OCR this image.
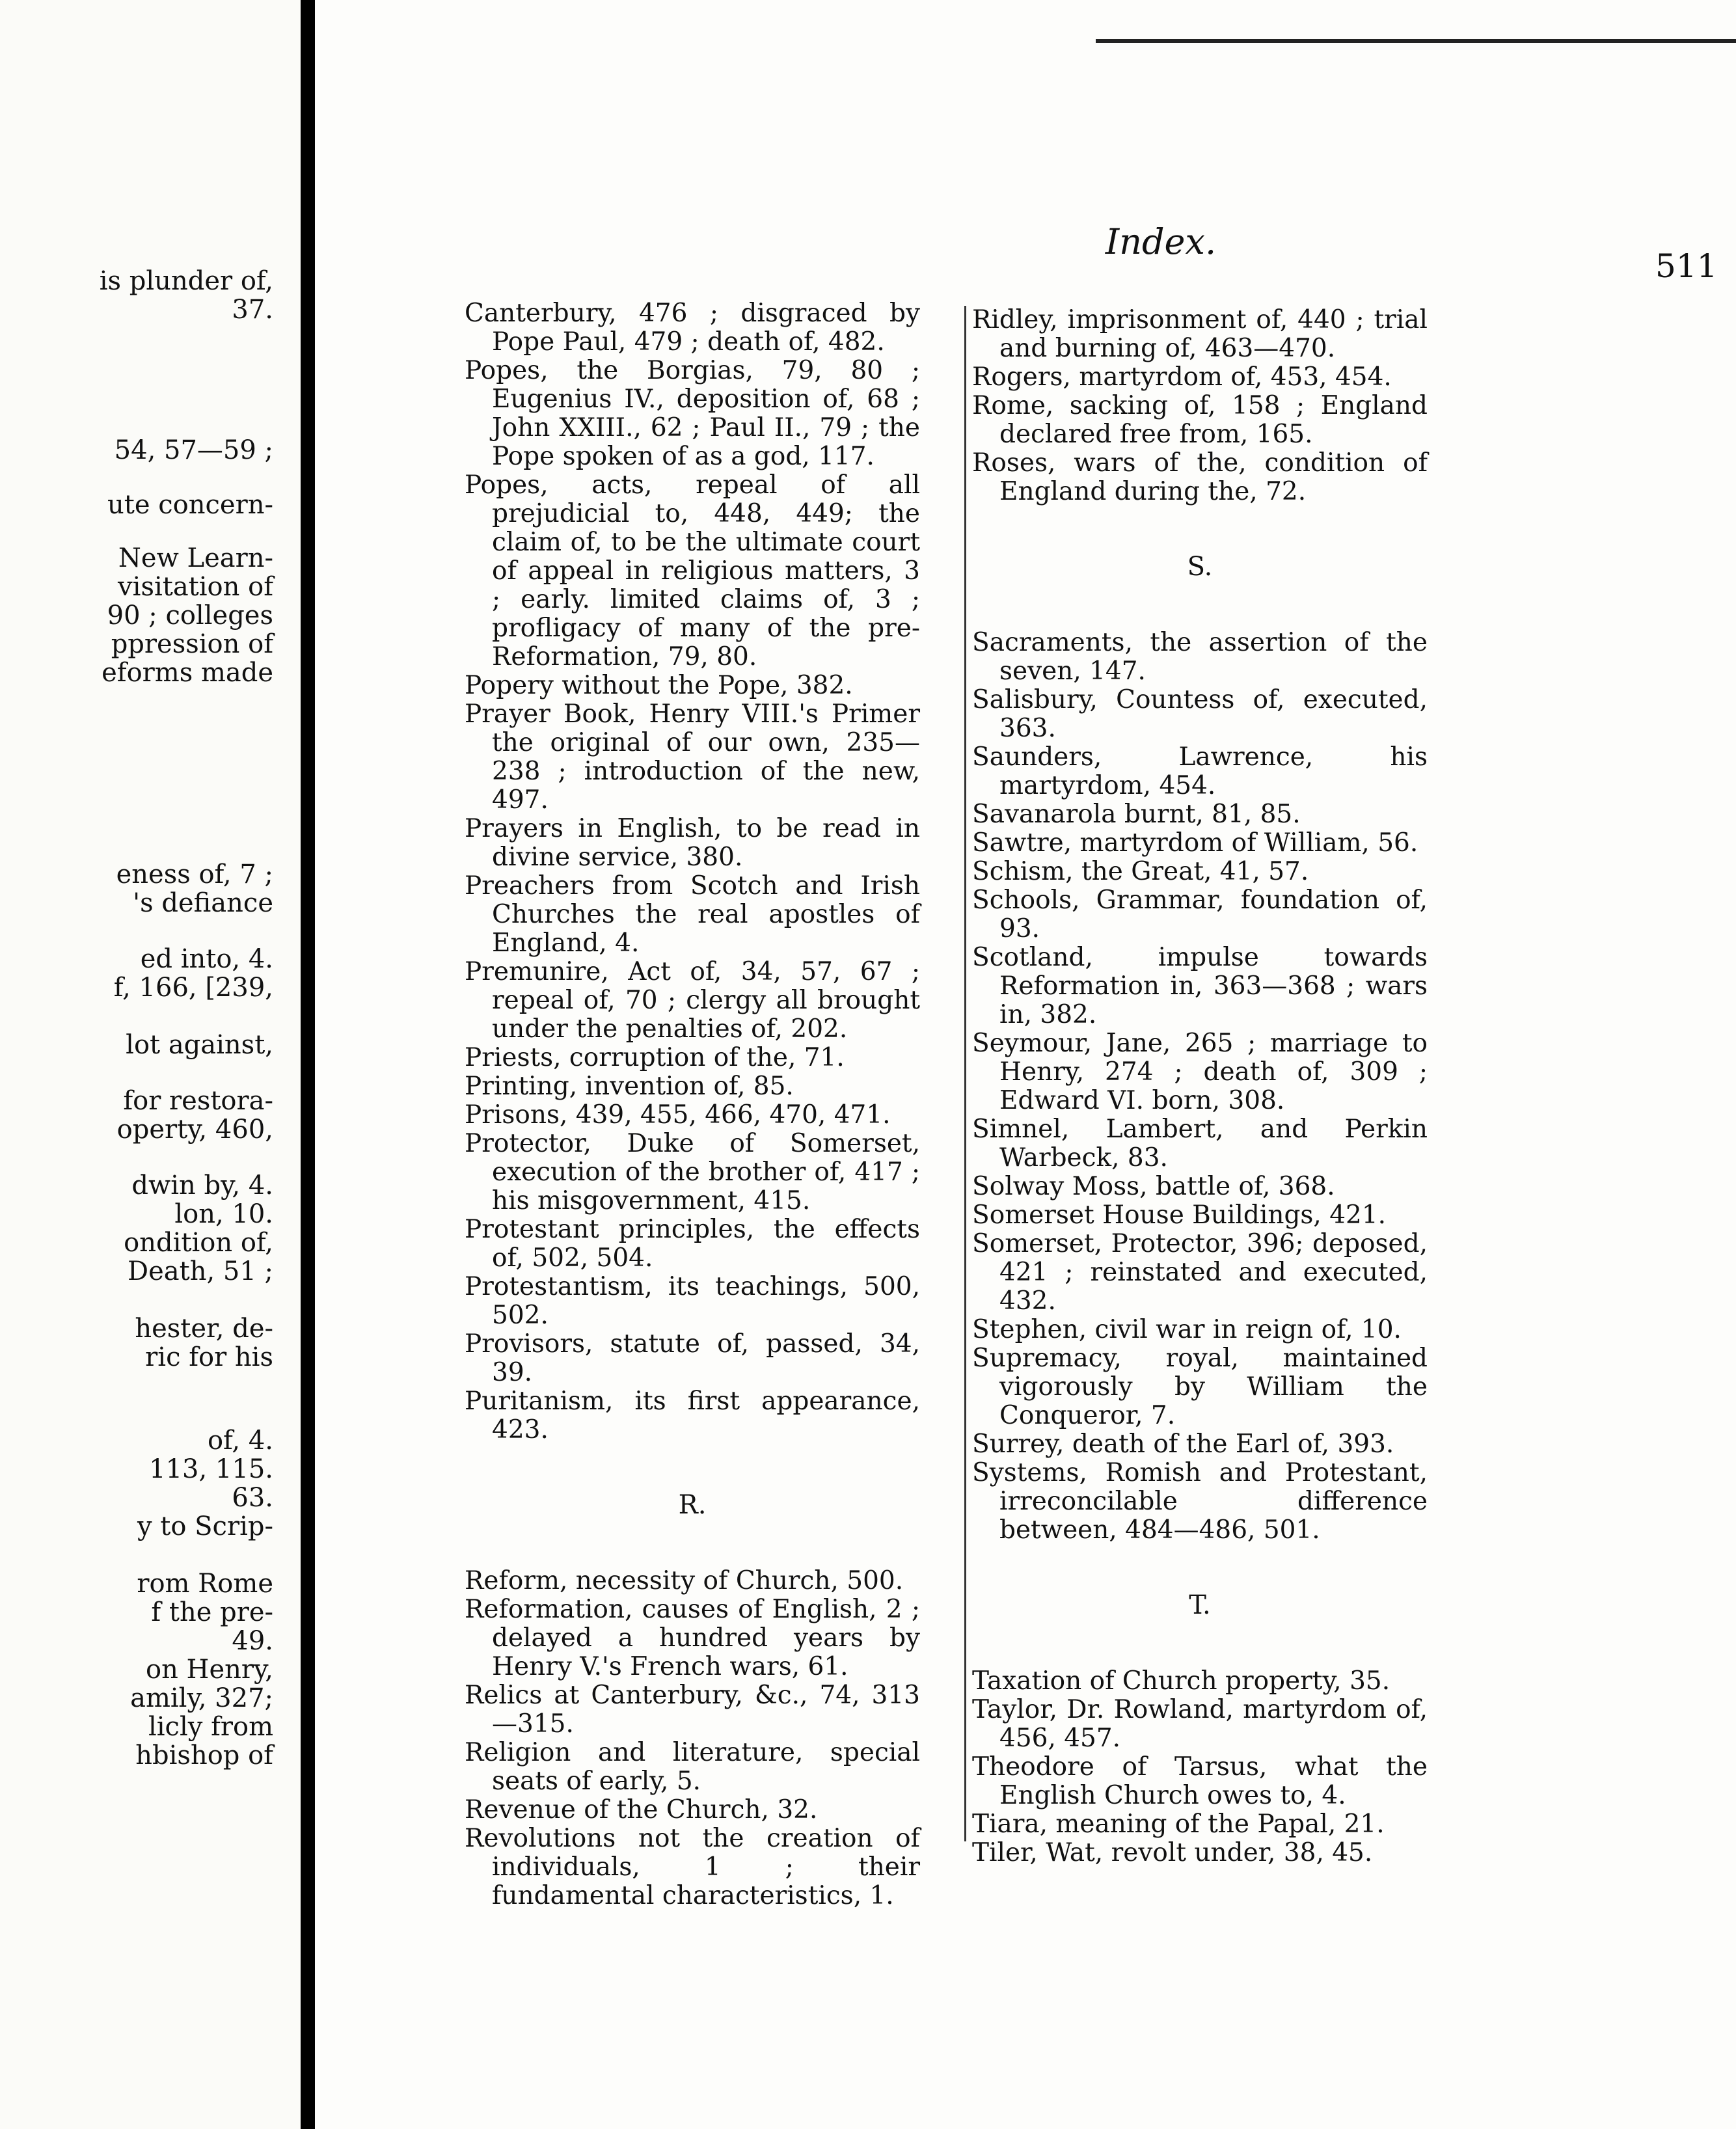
is plunder of,
37.
54, 57—59 ;
ute concern-
New Learn-
visitation of
90 ; colleges
ppression of
eforms made
eness of, 7 ;
's defiance
ed into, 4.
f, 166, [239,
lot against,
for restora-
operty, 460,
dwin by, 4.
lon, 10.
ondition of,
Death, 51 ;
hester, de-
ric for his
of, 4.
113, 115.
63.
y to Scrip-
rom Rome
f the pre-
49.
on Henry,
amily, 327;
licly from
hbishop of
Index.
511

Canterbury, 476 ; disgraced by Pope Paul, 479 ; death of, 482.

Popes, the Borgias, 79, 80 ; Eugenius IV., deposition of, 68 ; John XXIII., 62 ; Paul II., 79 ; the Pope spoken of as a god, 117.

Popes, acts, repeal of all prejudicial to, 448, 449; the claim of, to be the ultimate court of appeal in religious matters, 3 ; early. limited claims of, 3 ; profligacy of many of the pre-Reformation, 79, 80.

Popery without the Pope, 382.

Prayer Book, Henry VIII.'s Primer the original of our own, 235—238 ; introduction of the new, 497.

Prayers in English, to be read in divine service, 380.

Preachers from Scotch and Irish Churches the real apostles of England, 4.

Premunire, Act of, 34, 57, 67 ; repeal of, 70 ; clergy all brought under the penalties of, 202.

Priests, corruption of the, 71.

Printing, invention of, 85.

Prisons, 439, 455, 466, 470, 471.

Protector, Duke of Somerset, execution of the brother of, 417 ; his misgovernment, 415.

Protestant principles, the effects of, 502, 504.

Protestantism, its teachings, 500, 502.

Provisors, statute of, passed, 34, 39.

Puritanism, its first appearance, 423.

R.

Reform, necessity of Church, 500.

Reformation, causes of English, 2 ; delayed a hundred years by Henry V.'s French wars, 61.

Relics at Canterbury, &c., 74, 313 —315.

Religion and literature, special seats of early, 5.

Revenue of the Church, 32.

Revolutions not the creation of individuals, 1 ; their fundamental characteristics, 1.

Ridley, imprisonment of, 440 ; trial and burning of, 463—470.

Rogers, martyrdom of, 453, 454.

Rome, sacking of, 158 ; England declared free from, 165.

Roses, wars of the, condition of England during the, 72.

S.

Sacraments, the assertion of the seven, 147.

Salisbury, Countess of, executed, 363.

Saunders, Lawrence, his martyrdom, 454.

Savanarola burnt, 81, 85.

Sawtre, martyrdom of William, 56.

Schism, the Great, 41, 57.

Schools, Grammar, foundation of, 93.

Scotland, impulse towards Reformation in, 363—368 ; wars in, 382.

Seymour, Jane, 265 ; marriage to Henry, 274 ; death of, 309 ; Edward VI. born, 308.

Simnel, Lambert, and Perkin Warbeck, 83.

Solway Moss, battle of, 368.

Somerset House Buildings, 421.

Somerset, Protector, 396; deposed, 421 ; reinstated and executed, 432.

Stephen, civil war in reign of, 10.

Supremacy, royal, maintained vigorously by William the Conqueror, 7.

Surrey, death of the Earl of, 393.

Systems, Romish and Protestant, irreconcilable difference between, 484—486, 501.

T.

Taxation of Church property, 35.

Taylor, Dr. Rowland, martyrdom of, 456, 457.

Theodore of Tarsus, what the English Church owes to, 4.

Tiara, meaning of the Papal, 21.

Tiler, Wat, revolt under, 38, 45.
